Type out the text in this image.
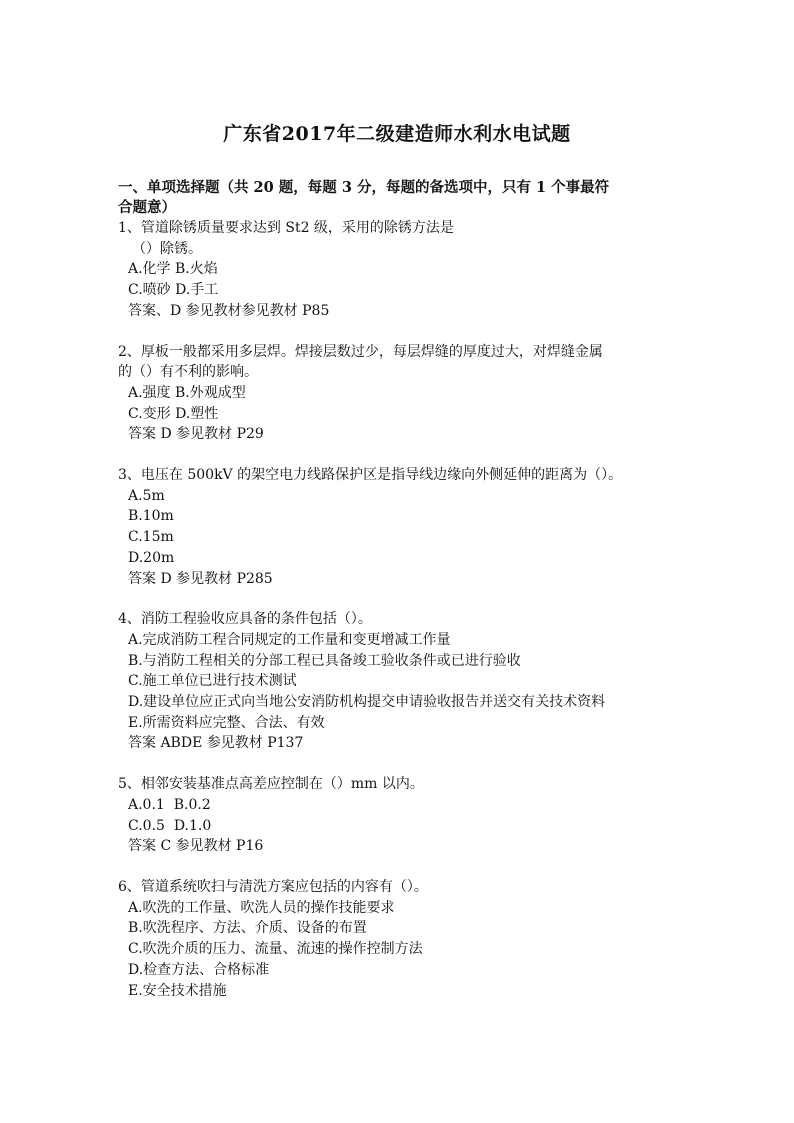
广东省2017年二级建造师水利水电试题
一、单项选择题（共 20 题，每题 3 分，每题的备选项中，只有 1 个事最符
合题意）
1、管道除锈质量要求达到 St2 级，采用的除锈方法是
（）除锈。
A.化学 B.火焰
C.喷砂 D.手工
答案、D 参见教材参见教材 P85
2、厚板一般都采用多层焊。焊接层数过少，每层焊缝的厚度过大，对焊缝金属
的（）有不利的影响。
A.强度 B.外观成型
C.变形 D.塑性
答案 D 参见教材 P29
3、电压在 500kV 的架空电力线路保护区是指导线边缘向外侧延伸的距离为（）。
A.5m
B.10m
C.15m
D.20m
答案 D 参见教材 P285
4、消防工程验收应具备的条件包括（）。
A.完成消防工程合同规定的工作量和变更增减工作量
B.与消防工程相关的分部工程已具备竣工验收条件或已进行验收
C.施工单位已进行技术测试
D.建设单位应正式向当地公安消防机构提交申请验收报告并送交有关技术资料
E.所需资料应完整、合法、有效
答案 ABDE 参见教材 P137
5、相邻安装基准点高差应控制在（）mm 以内。
A.0.1  B.0.2
C.0.5  D.1.0
答案 C 参见教材 P16
6、管道系统吹扫与清洗方案应包括的内容有（）。
A.吹洗的工作量、吹洗人员的操作技能要求
B.吹洗程序、方法、介质、设备的布置
C.吹洗介质的压力、流量、流速的操作控制方法
D.检查方法、合格标准
E.安全技术措施
